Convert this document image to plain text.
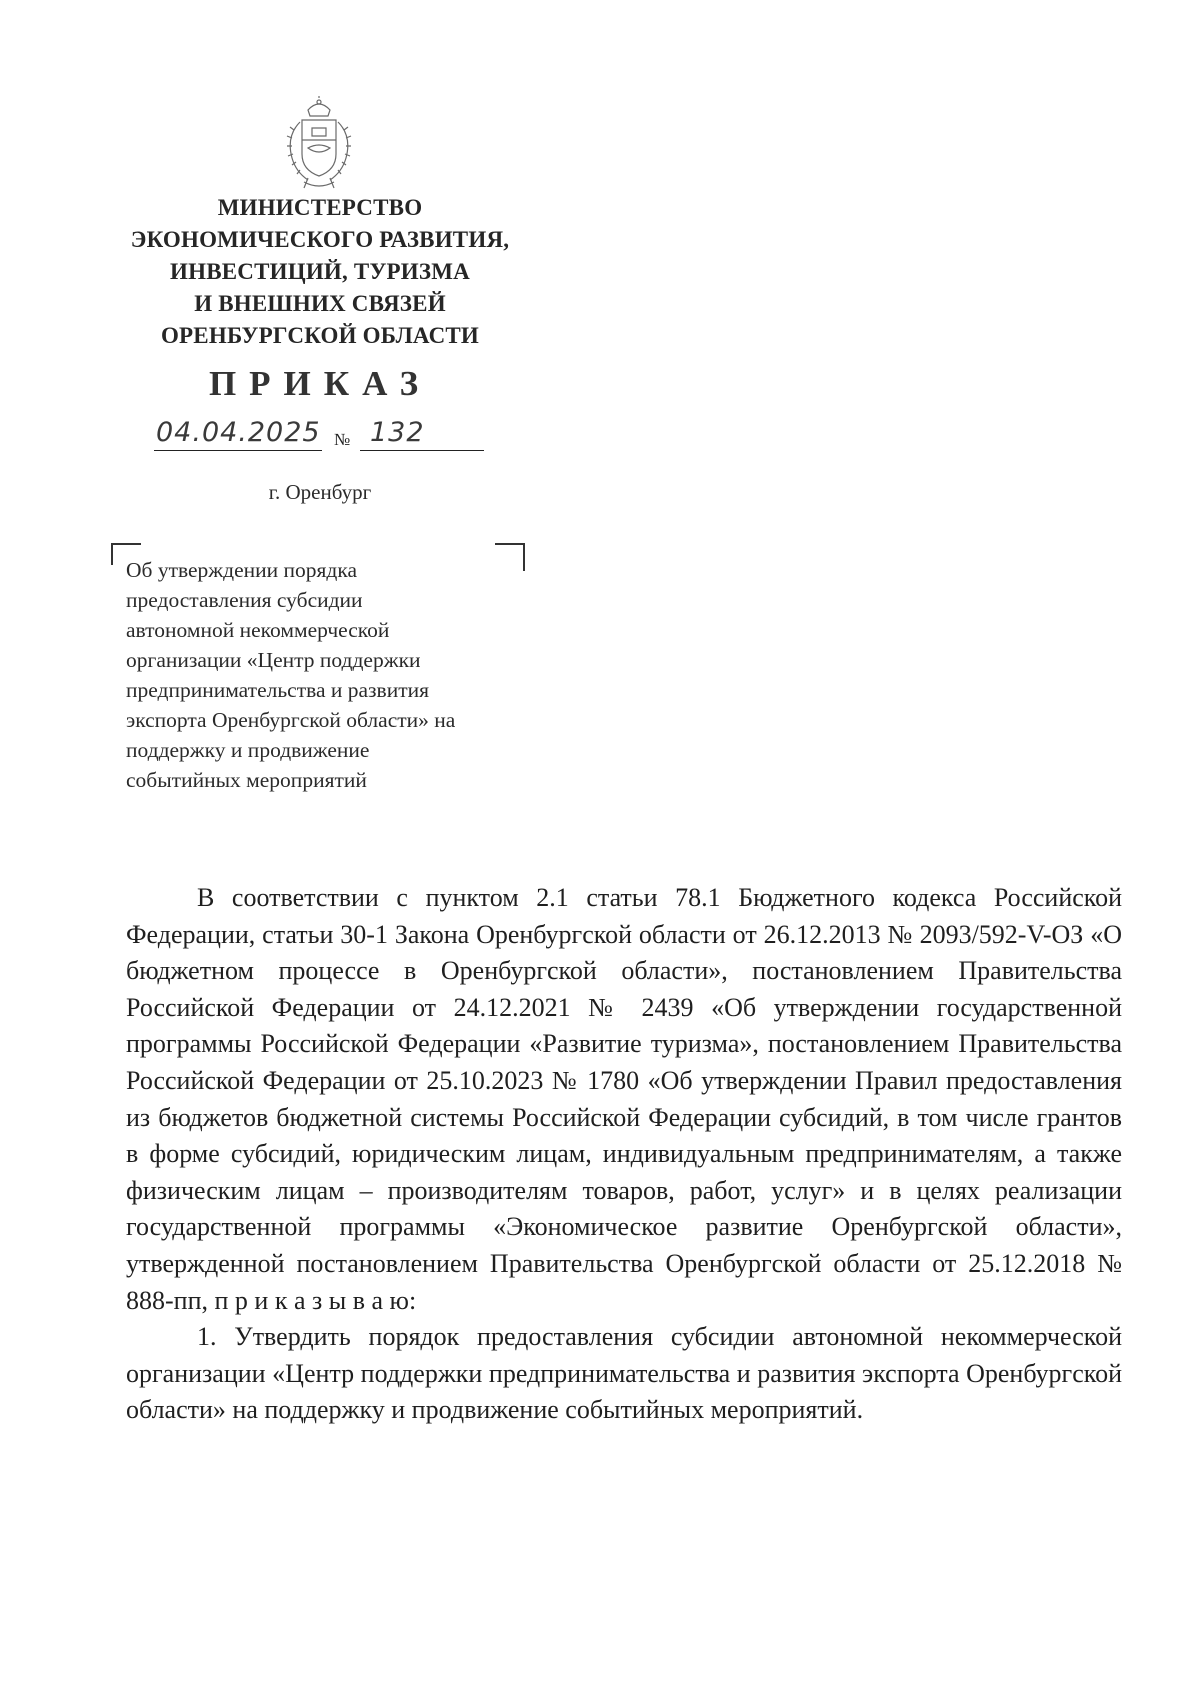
МИНИСТЕРСТВО
ЭКОНОМИЧЕСКОГО РАЗВИТИЯ,
ИНВЕСТИЦИЙ, ТУРИЗМА
И ВНЕШНИХ СВЯЗЕЙ
ОРЕНБУРГСКОЙ ОБЛАСТИ
ПРИКАЗ
04.04.2025 № 132
г. Оренбург
Об утверждении порядка
предоставления субсидии
автономной некоммерческой
организации «Центр поддержки
предпринимательства и развития
экспорта Оренбургской области» на
поддержку и продвижение
событийных мероприятий

В соответствии с пунктом 2.1 статьи 78.1 Бюджетного кодекса Российской Федерации, статьи 30-1 Закона Оренбургской области от 26.12.2013 № 2093/592-V-ОЗ «О бюджетном процессе в Оренбургской области», постановлением Правительства Российской Федерации от 24.12.2021 № 2439 «Об утверждении государственной программы Российской Федерации «Развитие туризма», постановлением Правительства Российской Федерации от 25.10.2023 № 1780 «Об утверждении Правил предоставления из бюджетов бюджетной системы Российской Федерации субсидий, в том числе грантов в форме субсидий, юридическим лицам, индивидуальным предпринимателям, а также физическим лицам – производителям товаров, работ, услуг» и в целях реализации государственной программы «Экономическое развитие Оренбургской области», утвержденной постановлением Правительства Оренбургской области от 25.12.2018 № 888-пп, п р и к а з ы в а ю:

1. Утвердить порядок предоставления субсидии автономной некоммерческой организации «Центр поддержки предпринимательства и развития экспорта Оренбургской области» на поддержку и продвижение событийных мероприятий.
